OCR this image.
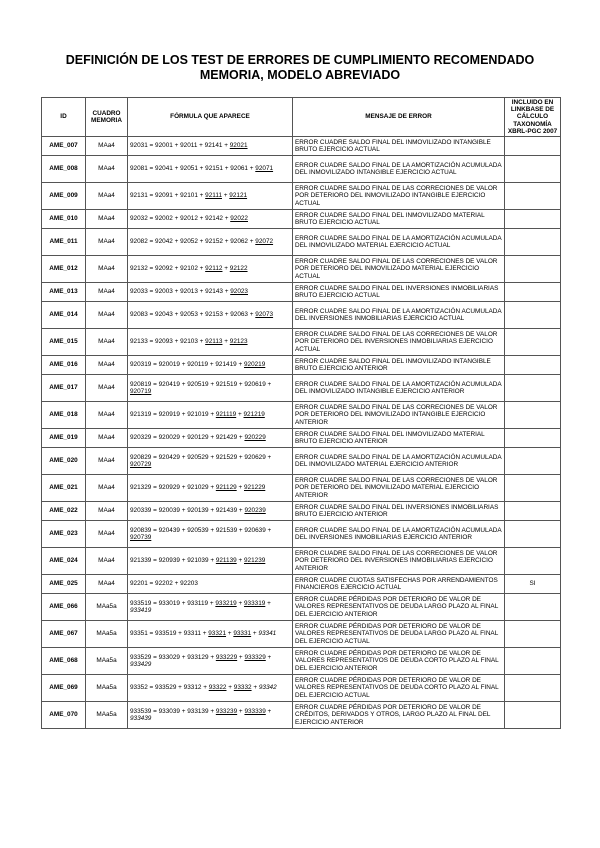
DEFINICIÓN DE LOS TEST DE ERRORES DE CUMPLIMIENTO RECOMENDADO
MEMORIA, MODELO ABREVIADO
ID	CUADRO MEMORIA	FÓRMULA QUE APARECE	MENSAJE DE ERROR	INCLUIDO EN LINKBASE DE CÁLCULO TAXONOMÍA XBRL-PGC 2007
AME_007	MAa4	92031 = 92001 + 92011 + 92141 + 92021	ERROR CUADRE SALDO FINAL DEL INMOVILIZADO INTANGIBLE BRUTO EJERCICIO ACTUAL	
AME_008	MAa4	92081 = 92041 + 92051 + 92151 + 92061 + 92071	ERROR CUADRE SALDO FINAL DE LA AMORTIZACIÓN ACUMULADA DEL INMOVILIZADO INTANGIBLE EJERCICIO ACTUAL	
AME_009	MAa4	92131 = 92091 + 92101 + 92111 + 92121	ERROR CUADRE SALDO FINAL DE LAS CORRECIONES DE VALOR POR DETERIORO DEL INMOVILIZADO INTANGIBLE EJERCICIO ACTUAL	
AME_010	MAa4	92032 = 92002 + 92012 + 92142 + 92022	ERROR CUADRE SALDO FINAL DEL INMOVILIZADO MATERIAL BRUTO EJERCICIO ACTUAL	
AME_011	MAa4	92082 = 92042 + 92052 + 92152 + 92062 + 92072	ERROR CUADRE SALDO FINAL DE LA AMORTIZACIÓN ACUMULADA DEL INMOVILIZADO MATERIAL EJERCICIO ACTUAL	
AME_012	MAa4	92132 = 92092 + 92102 + 92112 + 92122	ERROR CUADRE SALDO FINAL DE LAS CORRECIONES DE VALOR POR DETERIORO DEL INMOVILIZADO MATERIAL EJERCICIO ACTUAL	
AME_013	MAa4	92033 = 92003 + 92013 + 92143 + 92023	ERROR CUADRE SALDO FINAL DEL INVERSIONES INMOBILIARIAS BRUTO EJERCICIO ACTUAL	
AME_014	MAa4	92083 = 92043 + 92053 + 92153 + 92063 + 92073	ERROR CUADRE SALDO FINAL DE LA AMORTIZACIÓN ACUMULADA DEL INVERSIONES INMOBILIARIAS EJERCICIO ACTUAL	
AME_015	MAa4	92133 = 92093 + 92103 + 92113 + 92123	ERROR CUADRE SALDO FINAL DE LAS CORRECIONES DE VALOR POR DETERIORO DEL INVERSIONES INMOBILIARIAS EJERCICIO ACTUAL	
AME_016	MAa4	920319 = 920019 + 920119 + 921419 + 920219	ERROR CUADRE SALDO FINAL DEL INMOVILIZADO INTANGIBLE BRUTO EJERCICIO ANTERIOR	
AME_017	MAa4	920819 = 920419 + 920519 + 921519 + 920619 + 920719	ERROR CUADRE SALDO FINAL DE LA AMORTIZACIÓN ACUMULADA DEL INMOVILIZADO INTANGIBLE EJERCICIO ANTERIOR	
AME_018	MAa4	921319 = 920919 + 921019 + 921119 + 921219	ERROR CUADRE SALDO FINAL DE LAS CORRECIONES DE VALOR POR DETERIORO DEL INMOVILIZADO INTANGIBLE EJERCICIO ANTERIOR	
AME_019	MAa4	920329 = 920029 + 920129 + 921429 + 920229	ERROR CUADRE SALDO FINAL DEL INMOVILIZADO MATERIAL BRUTO EJERCICIO ANTERIOR	
AME_020	MAa4	920829 = 920429 + 920529 + 921529 + 920629 + 920729	ERROR CUADRE SALDO FINAL DE LA AMORTIZACIÓN ACUMULADA DEL INMOVILIZADO MATERIAL EJERCICIO ANTERIOR	
AME_021	MAa4	921329 = 920929 + 921029 + 921129 + 921229	ERROR CUADRE SALDO FINAL DE LAS CORRECIONES DE VALOR POR DETERIORO DEL INMOVILIZADO MATERIAL EJERCICIO ANTERIOR	
AME_022	MAa4	920339 = 920039 + 920139 + 921439 + 920239	ERROR CUADRE SALDO FINAL DEL INVERSIONES INMOBILIARIAS BRUTO EJERCICIO ANTERIOR	
AME_023	MAa4	920839 = 920439 + 920539 + 921539 + 920639 + 920739	ERROR CUADRE SALDO FINAL DE LA AMORTIZACIÓN ACUMULADA DEL INVERSIONES INMOBILIARIAS EJERCICIO ANTERIOR	
AME_024	MAa4	921339 = 920939 + 921039 + 921139 + 921239	ERROR CUADRE SALDO FINAL DE LAS CORRECIONES DE VALOR POR DETERIORO DEL INVERSIONES INMOBILIARIAS EJERCICIO ANTERIOR	
AME_025	MAa4	92201 = 92202 + 92203	ERROR CUADRE CUOTAS SATISFECHAS POR ARRENDAMIENTOS FINANCIEROS EJERCICIO ACTUAL	SI
AME_066	MAa5a	933519 = 933019 + 933119 + 933219 + 933319 + 933419	ERROR CUADRE PÉRDIDAS POR DETERIORO DE VALOR DE VALORES REPRESENTATIVOS DE DEUDA LARGO PLAZO AL FINAL DEL EJERCICIO ANTERIOR	
AME_067	MAa5a	93351 = 933519 + 93311 + 93321 + 93331 + 93341	ERROR CUADRE PÉRDIDAS POR DETERIORO DE VALOR DE VALORES REPRESENTATIVOS DE DEUDA LARGO PLAZO AL FINAL DEL EJERCICIO ACTUAL	
AME_068	MAa5a	933529 = 933029 + 933129 + 933229 + 933329 + 933429	ERROR CUADRE PÉRDIDAS POR DETERIORO DE VALOR DE VALORES REPRESENTATIVOS DE DEUDA CORTO PLAZO AL FINAL DEL EJERCICIO ANTERIOR	
AME_069	MAa5a	93352 = 933529 + 93312 + 93322 + 93332 + 93342	ERROR CUADRE PÉRDIDAS POR DETERIORO DE VALOR DE VALORES REPRESENTATIVOS DE DEUDA CORTO PLAZO AL FINAL DEL EJERCICIO ACTUAL	
AME_070	MAa5a	933539 = 933039 + 933139 + 933239 + 933339 + 933439	ERROR CUADRE PÉRDIDAS POR DETERIORO DE VALOR DE CRÉDITOS, DERIVADOS Y OTROS, LARGO PLAZO AL FINAL DEL EJERCICIO ANTERIOR	
